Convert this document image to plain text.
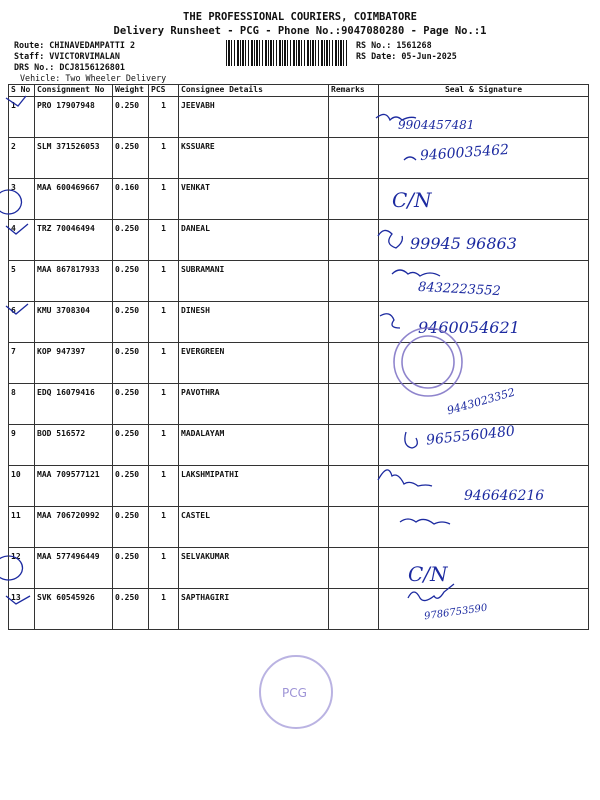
THE PROFESSIONAL COURIERS, COIMBATORE
Delivery Runsheet - PCG - Phone No.:9047080280 - Page No.:1
Route: CHINAVEDAMPATTI 2
Staff: VVICTORVIMALAN
DRS No.: DCJ8156126801
Vehicle: Two Wheeler Delivery
RS No.: 1561268
RS Date: 05-Jun-2025
S No	Consignment No	Weight	PCS	Consignee Details	Remarks	Seal & Signature
1	PRO 17907948	0.250	1	JEEVABH		
2	SLM 371526053	0.250	1	KSSUARE		
3	MAA 600469667	0.160	1	VENKAT		
4	TRZ 70046494	0.250	1	DANEAL		
5	MAA 867817933	0.250	1	SUBRAMANI		
6	KMU 3708304	0.250	1	DINESH		
7	KOP 947397	0.250	1	EVERGREEN		
8	EDQ 16079416	0.250	1	PAVOTHRA		
9	BOD 516572	0.250	1	MADALAYAM		
10	MAA 709577121	0.250	1	LAKSHMIPATHI		
11	MAA 706720992	0.250	1	CASTEL		
12	MAA 577496449	0.250	1	SELVAKUMAR		
13	SVK 60545926	0.250	1	SAPTHAGIRI		
9904457481
9460035462
C/N
99945 96863
8432223552
9460054621
9443023352
9655560480
946646216
C/N
9786753590
PCG
